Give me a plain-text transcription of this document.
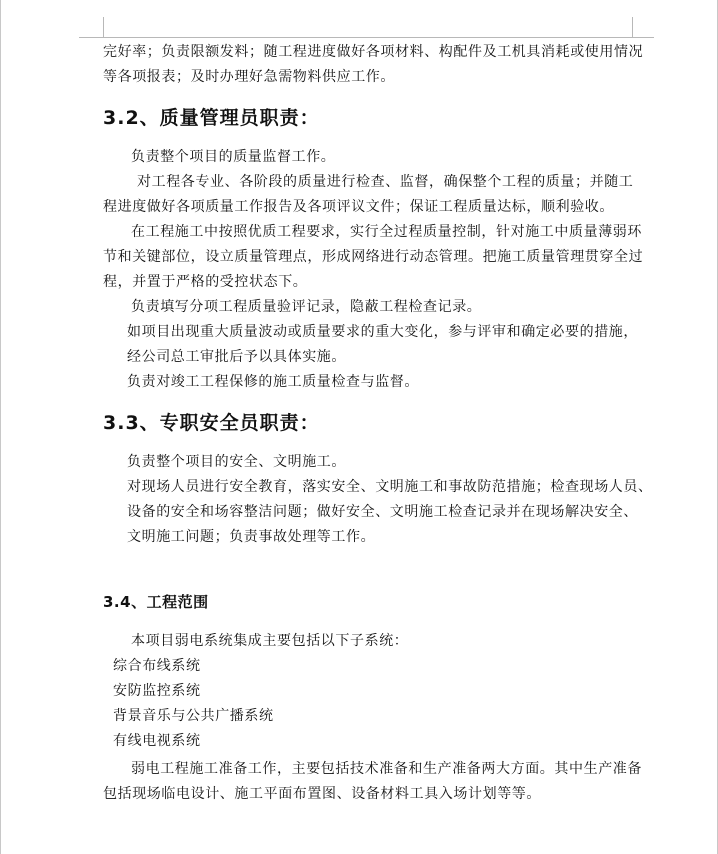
完好率；负责限额发料；随工程进度做好各项材料、构配件及工机具消耗或使用情况
等各项报表；及时办理好急需物料供应工作。
3.2、质量管理员职责：
负责整个项目的质量监督工作。
对工程各专业、各阶段的质量进行检查、监督，确保整个工程的质量；并随工
程进度做好各项质量工作报告及各项评议文件；保证工程质量达标，顺利验收。
在工程施工中按照优质工程要求，实行全过程质量控制，针对施工中质量薄弱环
节和关键部位，设立质量管理点，形成网络进行动态管理。把施工质量管理贯穿全过
程，并置于严格的受控状态下。
负责填写分项工程质量验评记录，隐蔽工程检查记录。
如项目出现重大质量波动或质量要求的重大变化，参与评审和确定必要的措施，
经公司总工审批后予以具体实施。
负责对竣工工程保修的施工质量检查与监督。
3.3、专职安全员职责：
负责整个项目的安全、文明施工。
对现场人员进行安全教育，落实安全、文明施工和事故防范措施；检查现场人员、
设备的安全和场容整洁问题；做好安全、文明施工检查记录并在现场解决安全、
文明施工问题；负责事故处理等工作。
3.4、工程范围
本项目弱电系统集成主要包括以下子系统：
综合布线系统
安防监控系统
背景音乐与公共广播系统
有线电视系统
弱电工程施工准备工作，主要包括技术准备和生产准备两大方面。其中生产准备
包括现场临电设计、施工平面布置图、设备材料工具入场计划等等。
